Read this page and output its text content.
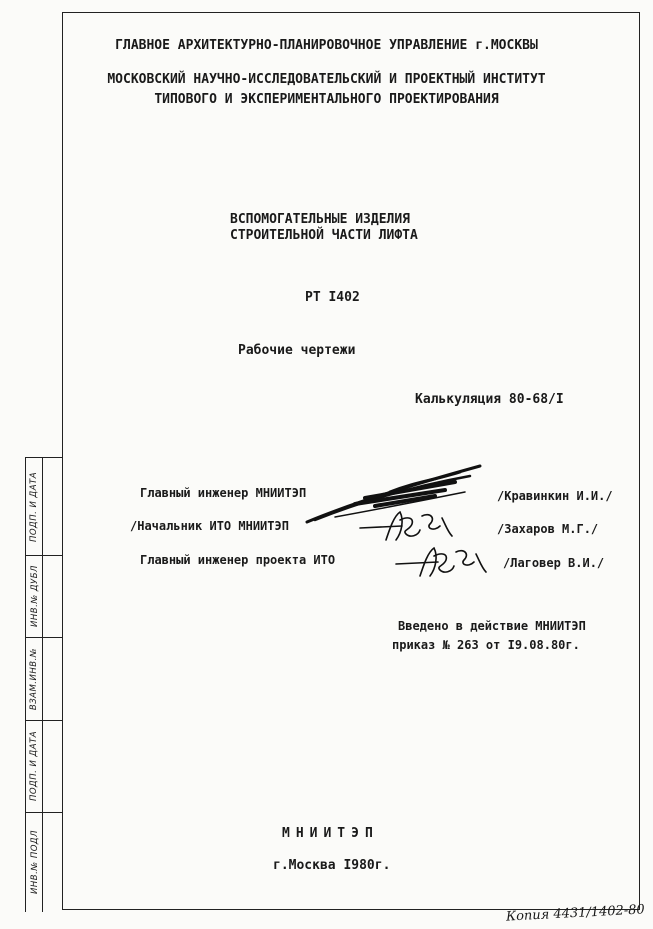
ГЛАВНОЕ АРХИТЕКТУРНО-ПЛАНИРОВОЧНОЕ УПРАВЛЕНИЕ г.МОСКВЫ
МОСКОВСКИЙ НАУЧНО-ИССЛЕДОВАТЕЛЬСКИЙ И ПРОЕКТНЫЙ ИНСТИТУТ
ТИПОВОГО И ЭКСПЕРИМЕНТАЛЬНОГО ПРОЕКТИРОВАНИЯ
ВСПОМОГАТЕЛЬНЫЕ ИЗДЕЛИЯ
СТРОИТЕЛЬНОЙ ЧАСТИ ЛИФТА
РТ I402
Рабочие чертежи
Калькуляция 80-68/I
Главный инженер МНИИТЭП	/Кравинкин И.И./
/Начальник ИТО МНИИТЭП	/Захаров М.Г./
Главный инженер проекта ИТО	/Лаговер В.И./
Введено в действие МНИИТЭП
приказ № 263 от I9.08.80г.
МНИИТЭП
г.Москва I980г.
ИНВ.№ ПОДЛ
ПОДП. И ДАТА
ВЗАМ.ИНВ.№
ИНВ.№ ДУБЛ
ПОДП. И ДАТА
Копия 4431/1402-80
